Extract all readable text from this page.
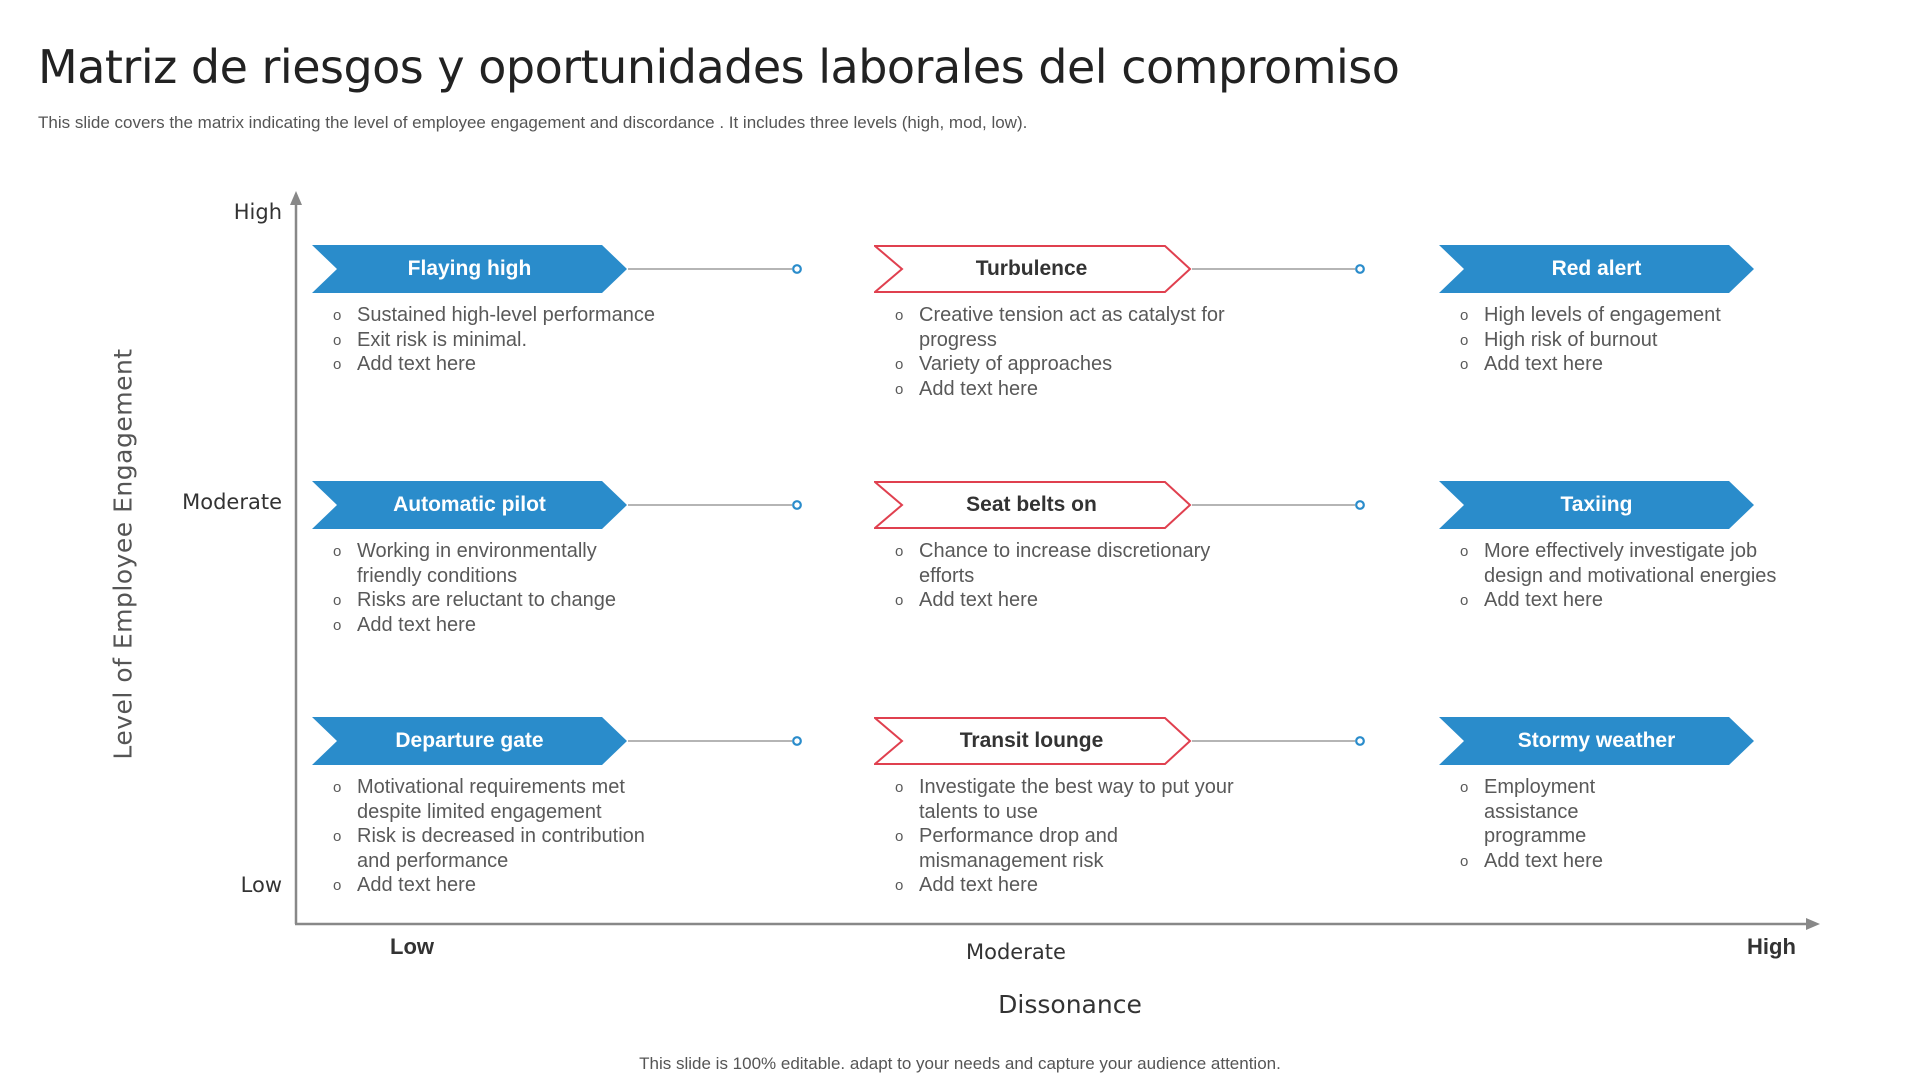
Matriz de riesgos y oportunidades laborales del compromiso
This slide covers the matrix indicating the level of employee engagement and discordance . It includes three levels (high, mod, low).
Level of Employee Engagement
High
Moderate
Low
Low	Moderate	High
Dissonance
Flaying high
o Sustained high-level performance
o Exit risk is minimal.
o Add text here
Turbulence
o Creative tension act as catalyst for progress
o Variety of approaches
o Add text here
Red alert
o High levels of engagement
o High risk of burnout
o Add text here
Automatic pilot
o Working in environmentally friendly conditions
o Risks are reluctant to change
o Add text here
Seat belts on
o Chance to increase discretionary efforts
o Add text here
Taxiing
o More effectively investigate job design and motivational energies
o Add text here
Departure gate
o Motivational requirements met despite limited engagement
o Risk is decreased in contribution and performance
o Add text here
Transit lounge
o Investigate the best way to put your talents to use
o Performance drop and mismanagement risk
o Add text here
Stormy weather
o Employment assistance programme
o Add text here
This slide is 100% editable. adapt to your needs and capture your audience attention.
